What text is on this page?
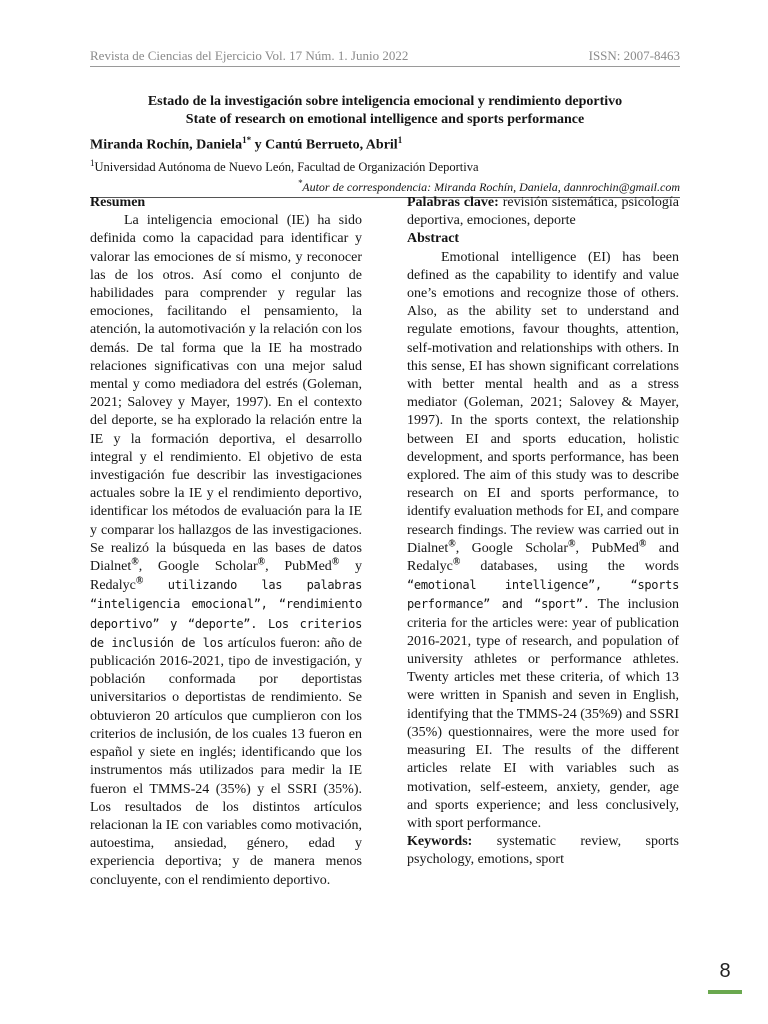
Revista de Ciencias del Ejercicio Vol. 17 Núm. 1. Junio 2022	ISSN: 2007-8463
Estado de la investigación sobre inteligencia emocional y rendimiento deportivo
State of research on emotional intelligence and sports performance
Miranda Rochín, Daniela$^{1*}$ y Cantú Berrueto, Abril$^1$
$^1$Universidad Autónoma de Nuevo León, Facultad de Organización Deportiva
*Autor de correspondencia: Miranda Rochín, Daniela, dannrochin@gmail.com

Resumen

La inteligencia emocional (IE) ha sido definida como la capacidad para identificar y valorar las emociones de sí mismo, y reconocer las de los otros. Así como el conjunto de habilidades para comprender y regular las emociones, facilitando el pensamiento, la atención, la automotivación y la relación con los demás. De tal forma que la IE ha mostrado relaciones significativas con una mejor salud mental y como mediadora del estrés (Goleman, 2021; Salovey y Mayer, 1997). En el contexto del deporte, se ha explorado la relación entre la IE y la formación deportiva, el desarrollo integral y el rendimiento. El objetivo de esta investigación fue describir las investigaciones actuales sobre la IE y el rendimiento deportivo, identificar los métodos de evaluación para la IE y comparar los hallazgos de las investigaciones. Se realizó la búsqueda en las bases de datos Dialnet®, Google Scholar®, PubMed® y Redalyc® utilizando las palabras “inteligencia emocional”, “rendimiento deportivo” y “deporte”. Los criterios de inclusión de los artículos fueron: año de publicación 2016-2021, tipo de investigación, y población conformada por deportistas universitarios o deportistas de rendimiento. Se obtuvieron 20 artículos que cumplieron con los criterios de inclusión, de los cuales 13 fueron en español y siete en inglés; identificando que los instrumentos más utilizados para medir la IE fueron el TMMS-24 (35%) y el SSRI (35%). Los resultados de los distintos artículos relacionan la IE con variables como motivación, autoestima, ansiedad, género, edad y experiencia deportiva; y de manera menos concluyente, con el rendimiento deportivo.

Palabras clave: revisión sistemática, psicología deportiva, emociones, deporte

Abstract

Emotional intelligence (EI) has been defined as the capability to identify and value one’s emotions and recognize those of others. Also, as the ability set to understand and regulate emotions, favour thoughts, attention, self-motivation and relationships with others. In this sense, EI has shown significant correlations with better mental health and as a stress mediator (Goleman, 2021; Salovey & Mayer, 1997). In the sports context, the relationship between EI and sports education, holistic development, and sports performance, has been explored. The aim of this study was to describe research on EI and sports performance, to identify evaluation methods for EI, and compare research findings. The review was carried out in Dialnet®, Google Scholar®, PubMed® and Redalyc® databases, using the words “emotional intelligence”, “sports performance” and “sport”. The inclusion criteria for the articles were: year of publication 2016-2021, type of research, and population of university athletes or performance athletes. Twenty articles met these criteria, of which 13 were written in Spanish and seven in English, identifying that the TMMS-24 (35%9) and SSRI (35%) questionnaires, were the more used for measuring EI. The results of the different articles relate EI with variables such as motivation, self-esteem, anxiety, gender, age and sports experience; and less conclusively, with sport performance.

Keywords: systematic review, sports psychology, emotions, sport

8
